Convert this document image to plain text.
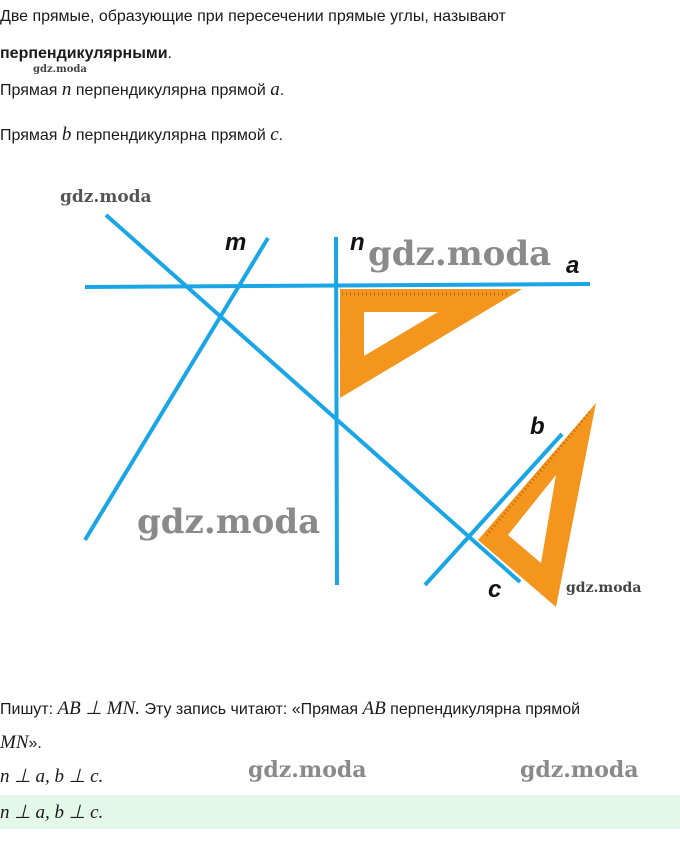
Две прямые, образующие при пересечении прямые углы, называют
перпендикулярными.
gdz.moda
Прямая n перпендикулярна прямой a.
Прямая b перпендикулярна прямой c.
m	n
a
b
c
gdz.moda
gdz.moda
gdz.moda
gdz.moda
Пишут: AB ⊥ MN. Эту запись читают: «Прямая AB перпендикулярна прямой
MN».
n ⊥ a, b ⊥ c.	gdz.moda	gdz.moda
n ⊥ a, b ⊥ c.
